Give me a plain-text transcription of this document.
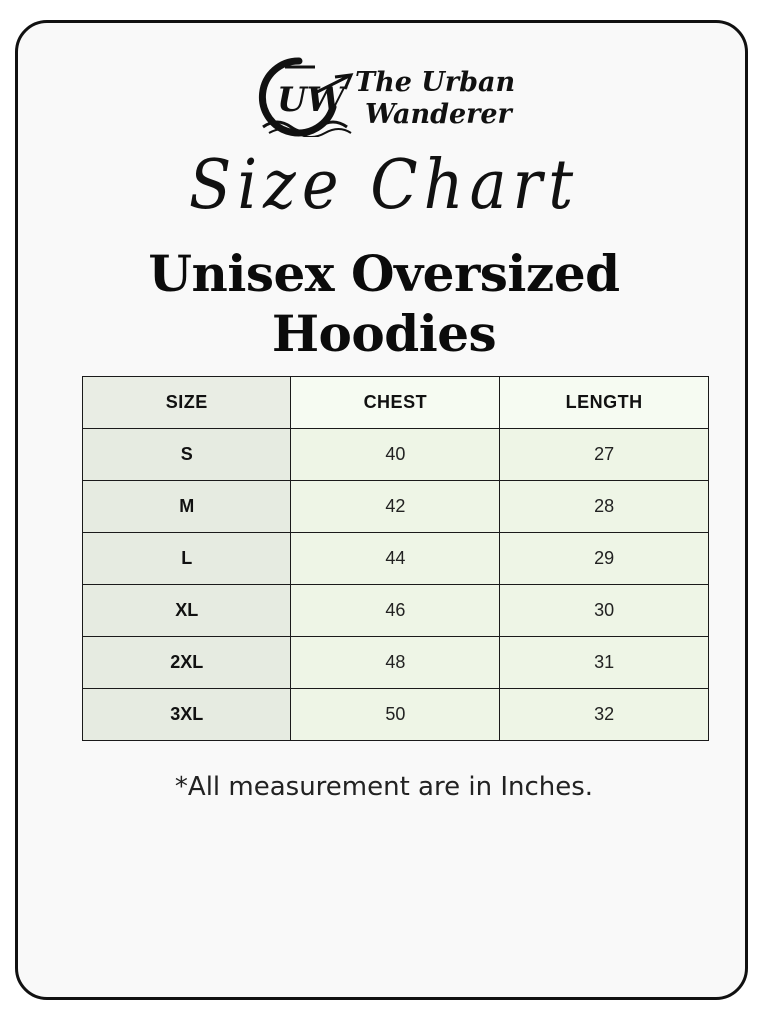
UW The Urban
Wanderer
Size Chart
Unisex Oversized
Hoodies
SIZE	CHEST	LENGTH
S	40	27
M	42	28
L	44	29
XL	46	30
2XL	48	31
3XL	50	32
*All measurement are in Inches.
